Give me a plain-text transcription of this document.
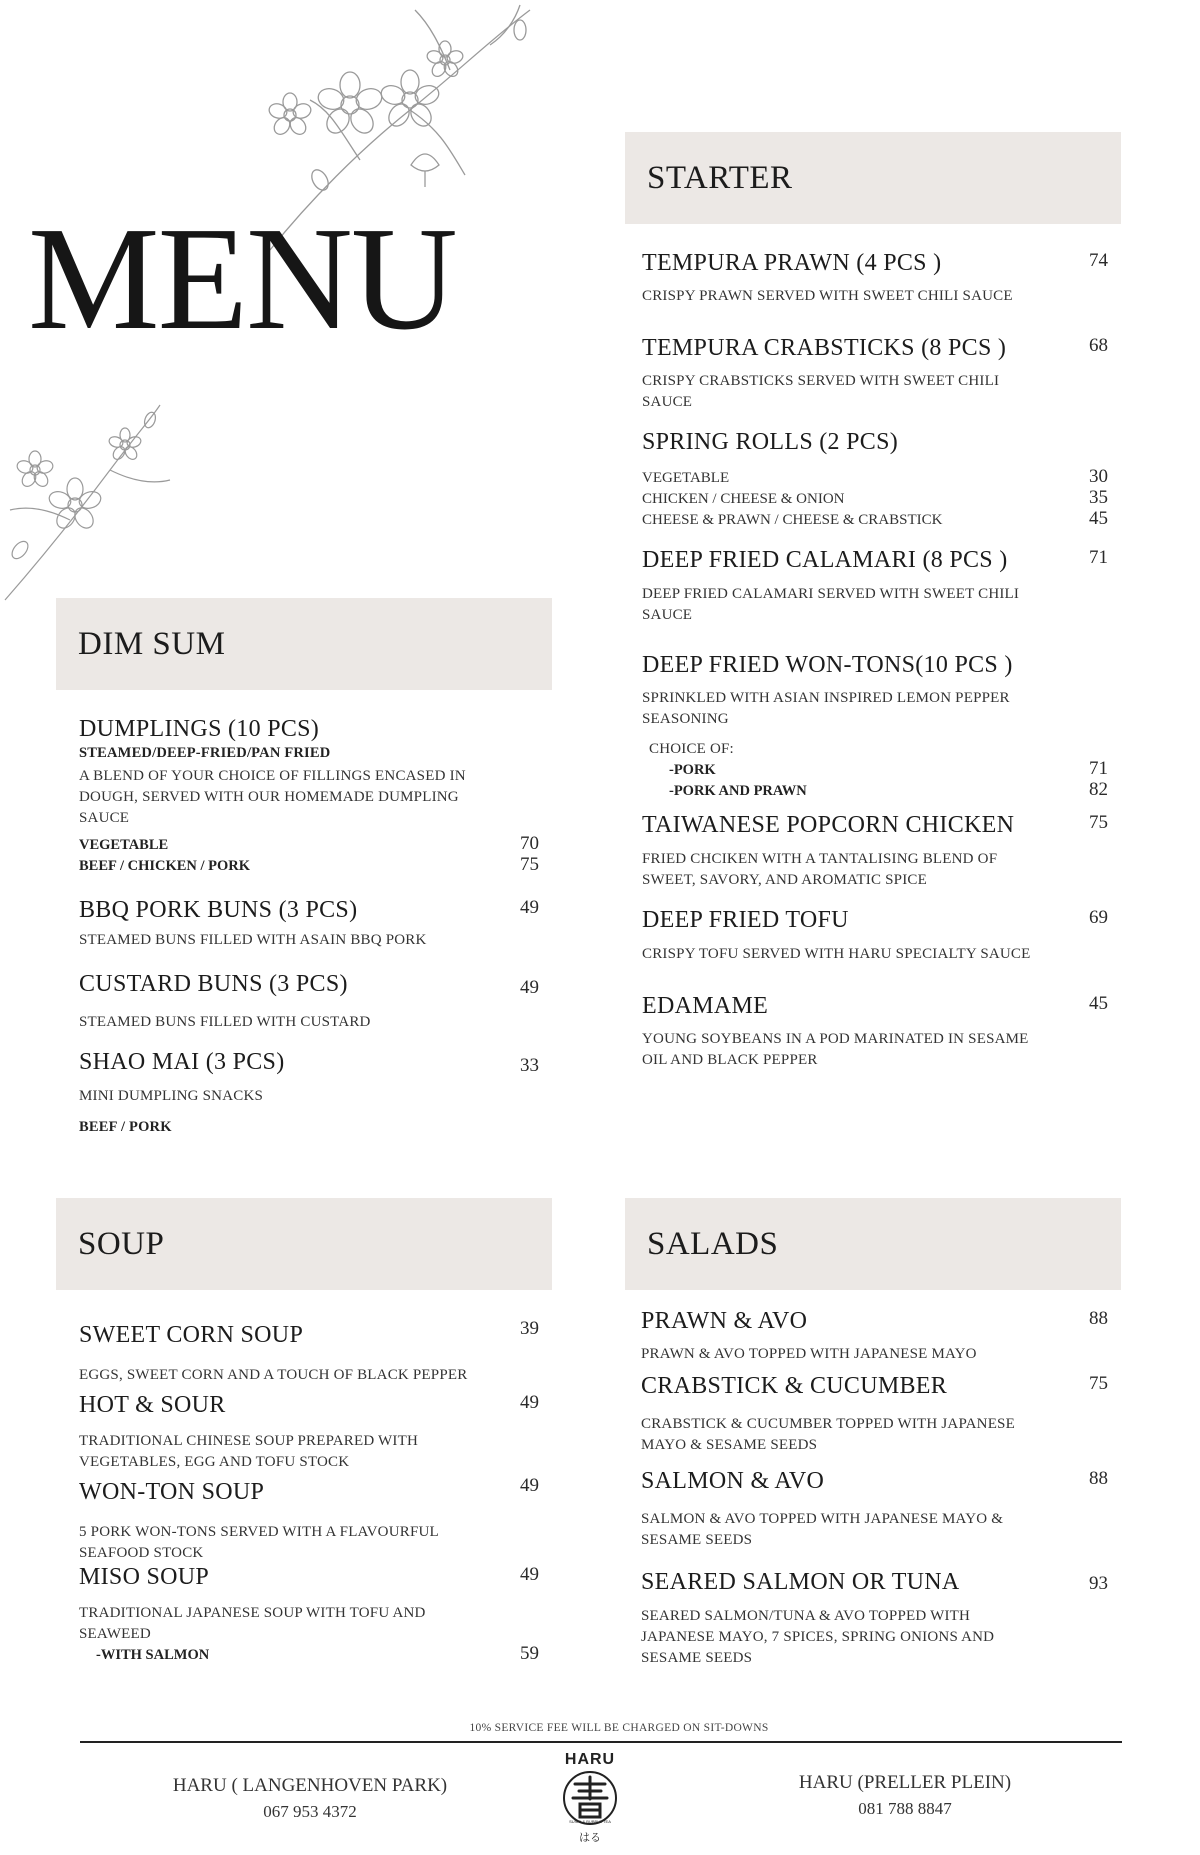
MENU
STARTER
TEMPURA PRAWN (4 PCS )	74
CRISPY PRAWN SERVED WITH SWEET CHILI SAUCE
TEMPURA CRABSTICKS (8 PCS )	68
CRISPY CRABSTICKS SERVED WITH SWEET CHILI SAUCE
SPRING ROLLS (2 PCS)
VEGETABLE	30
CHICKEN / CHEESE & ONION	35
CHEESE & PRAWN / CHEESE & CRABSTICK	45
DEEP FRIED CALAMARI (8 PCS )	71
DEEP FRIED CALAMARI SERVED WITH SWEET CHILI SAUCE
DEEP FRIED WON-TONS(10 PCS )
SPRINKLED WITH ASIAN INSPIRED LEMON PEPPER SEASONING
CHOICE OF:
-PORK	71
-PORK AND PRAWN	82
TAIWANESE POPCORN CHICKEN	75
FRIED CHCIKEN WITH A TANTALISING BLEND OF SWEET, SAVORY, AND AROMATIC SPICE
DEEP FRIED TOFU	69
CRISPY TOFU SERVED WITH HARU SPECIALTY SAUCE
EDAMAME	45
YOUNG SOYBEANS IN A POD MARINATED IN SESAME OIL AND BLACK PEPPER
DIM SUM
DUMPLINGS (10 PCS)
STEAMED/DEEP-FRIED/PAN FRIED
A BLEND OF YOUR CHOICE OF FILLINGS ENCASED IN DOUGH, SERVED WITH OUR HOMEMADE DUMPLING SAUCE
VEGETABLE	70
BEEF / CHICKEN / PORK	75
BBQ PORK BUNS (3 PCS)	49
STEAMED BUNS FILLED WITH ASAIN BBQ PORK
CUSTARD BUNS (3 PCS)	49
STEAMED BUNS FILLED WITH CUSTARD
SHAO MAI (3 PCS)	33
MINI DUMPLING SNACKS
BEEF / PORK
SOUP
SWEET CORN SOUP	39
EGGS, SWEET CORN AND A TOUCH OF BLACK PEPPER
HOT & SOUR	49
TRADITIONAL CHINESE SOUP PREPARED WITH VEGETABLES, EGG AND TOFU STOCK
WON-TON SOUP	49
5 PORK WON-TONS SERVED WITH A FLAVOURFUL SEAFOOD STOCK
MISO SOUP	49
TRADITIONAL JAPANESE SOUP WITH TOFU AND SEAWEED
-WITH SALMON	59
SALADS
PRAWN & AVO	88
PRAWN & AVO TOPPED WITH JAPANESE MAYO
CRABSTICK & CUCUMBER	75
CRABSTICK & CUCUMBER TOPPED WITH JAPANESE MAYO & SESAME SEEDS
SALMON & AVO	88
SALMON & AVO TOPPED WITH JAPANESE MAYO & SESAME SEEDS
SEARED SALMON OR TUNA	93
SEARED SALMON/TUNA & AVO TOPPED WITH JAPANESE MAYO, 7 SPICES, SPRING ONIONS AND SESAME SEEDS
10% SERVICE FEE WILL BE CHARGED ON SIT-DOWNS
HARU ( LANGENHOVEN PARK)
067 953 4372
HARU (PRELLER PLEIN)
081 788 8847
HARU
SUSHI & BUBBLE TEA
はる
